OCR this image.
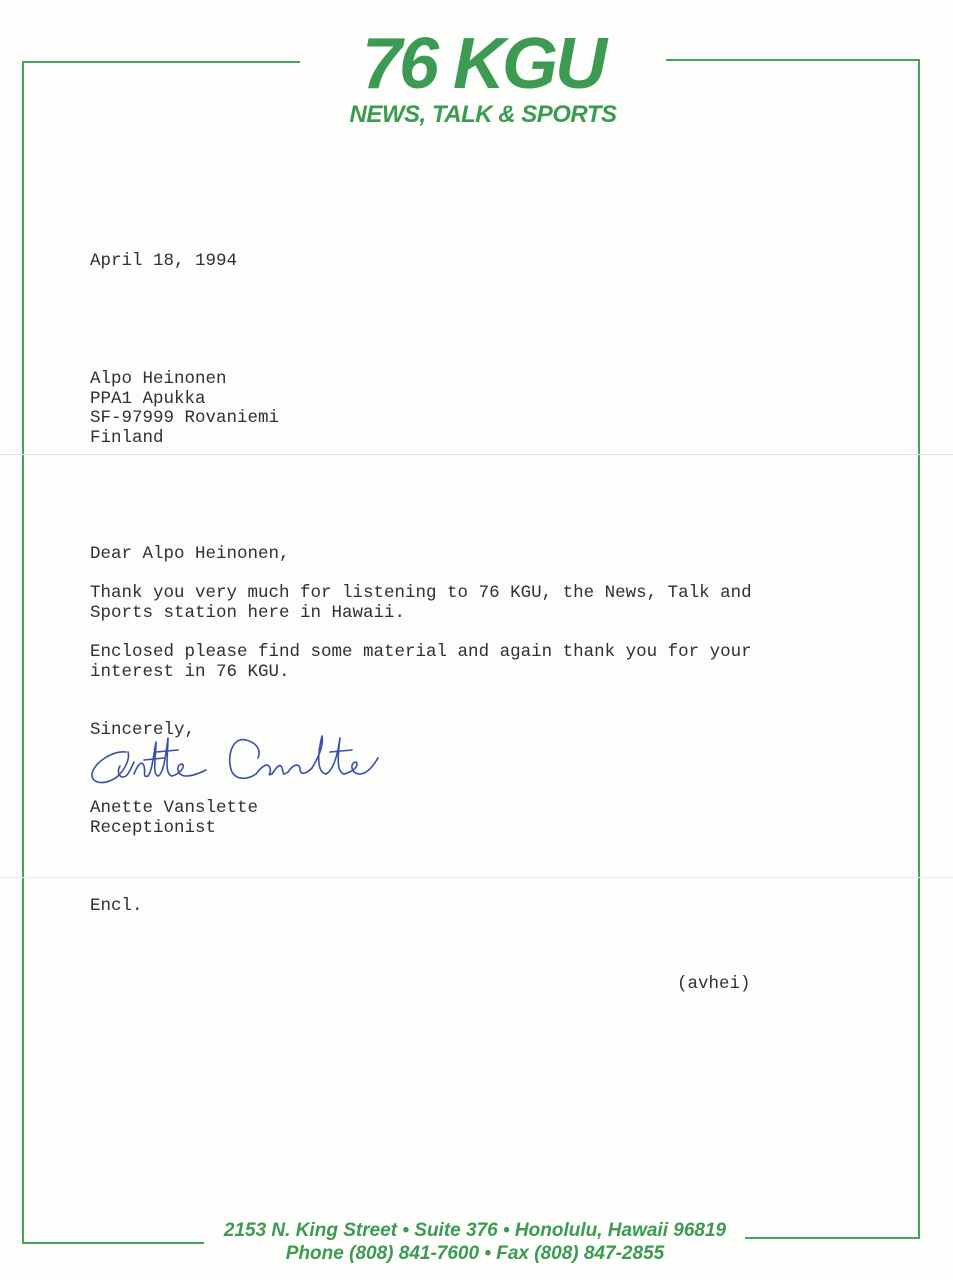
76 KGU
NEWS, TALK & SPORTS
April 18, 1994
Alpo Heinonen
PPA1 Apukka
SF-97999 Rovaniemi
Finland
Dear Alpo Heinonen,
Thank you very much for listening to 76 KGU, the News, Talk and
Sports station here in Hawaii.
Enclosed please find some material and again thank you for your
interest in 76 KGU.
Sincerely,
Anette Vanslette
Receptionist
Encl.
(avhei)
2153 N. King Street • Suite 376 • Honolulu, Hawaii 96819
Phone (808) 841-7600 • Fax (808) 847-2855
